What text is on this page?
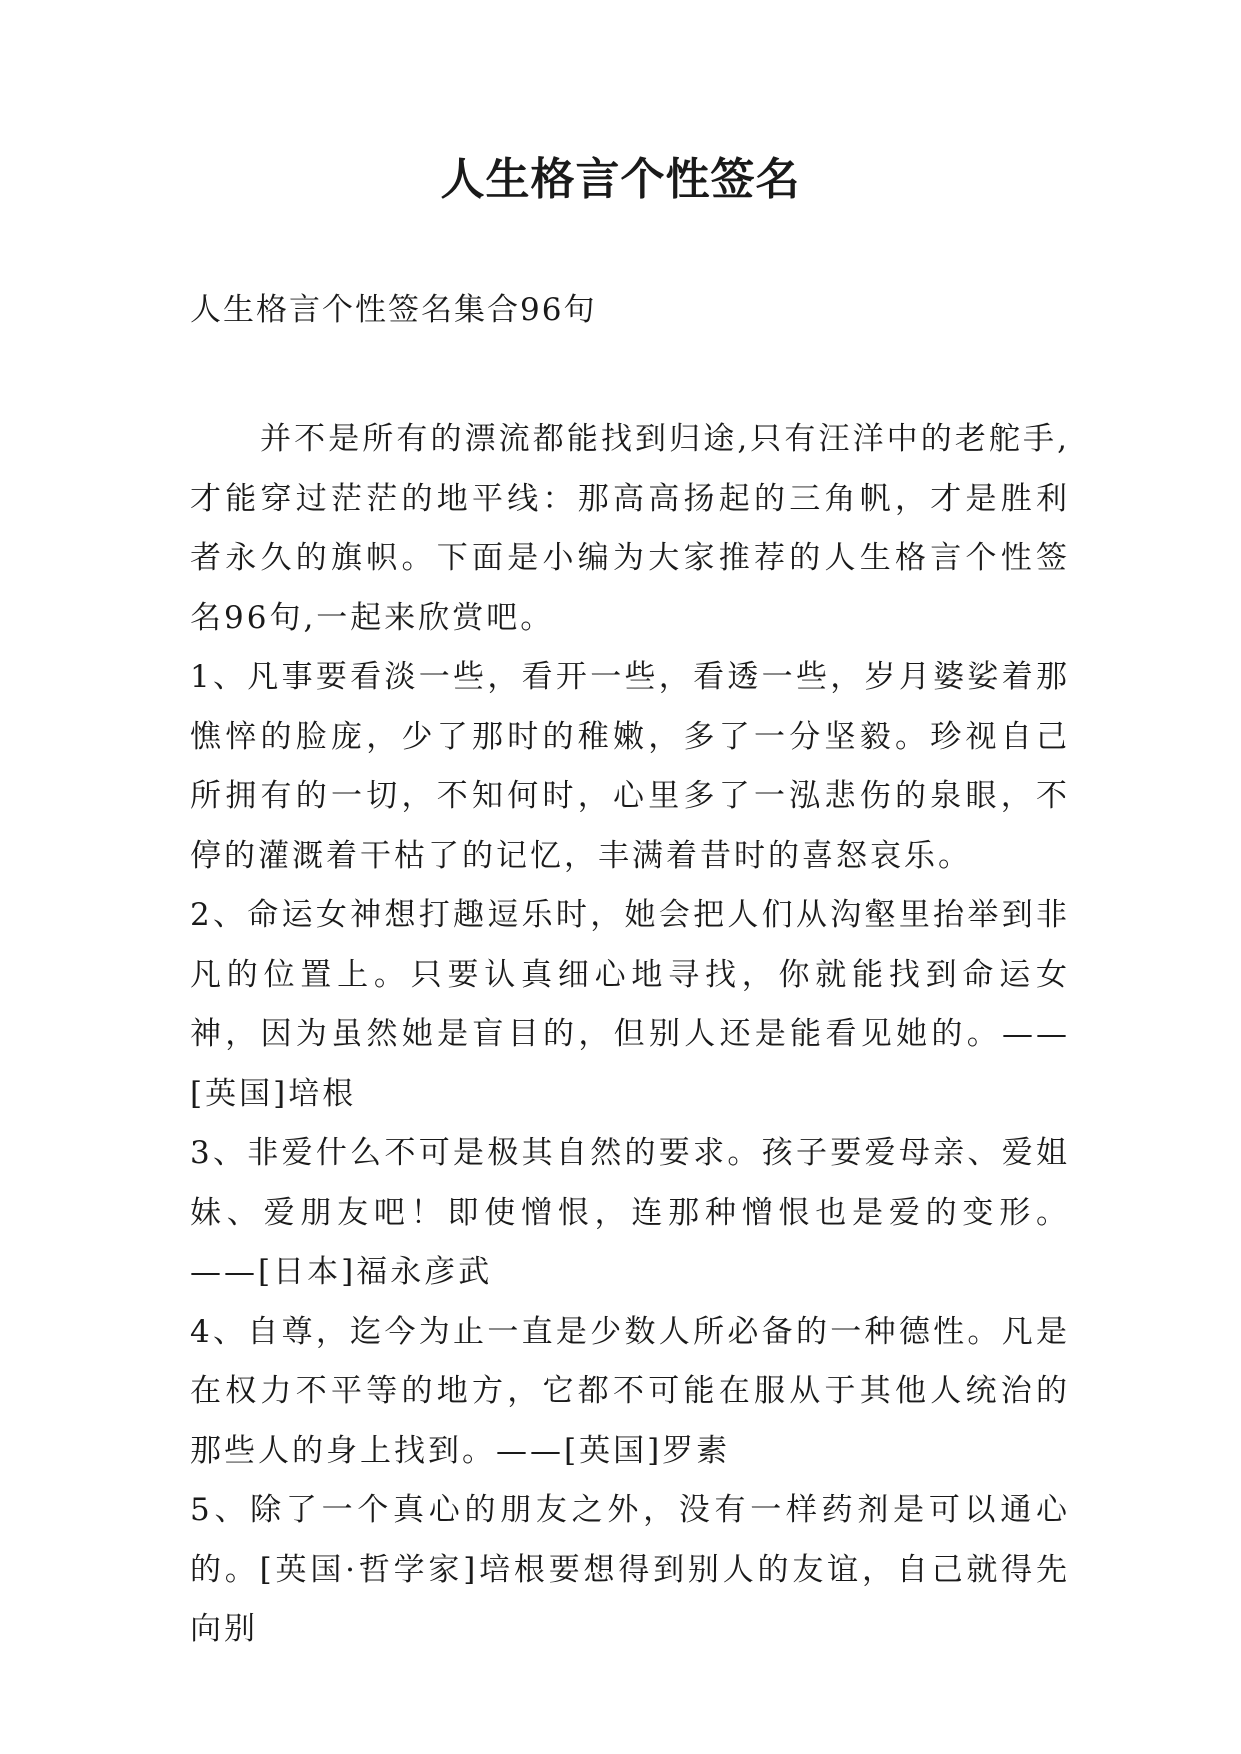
人生格言个性签名

人生格言个性签名集合96句

并不是所有的漂流都能找到归途,只有汪洋中的老舵手,才能穿过茫茫的地平线：那高高扬起的三角帆，才是胜利者永久的旗帜。下面是小编为大家推荐的人生格言个性签名96句,一起来欣赏吧。

1、凡事要看淡一些，看开一些，看透一些，岁月婆娑着那憔悴的脸庞，少了那时的稚嫩，多了一分坚毅。珍视自己所拥有的一切，不知何时，心里多了一泓悲伤的泉眼，不停的灌溉着干枯了的记忆，丰满着昔时的喜怒哀乐。

2、命运女神想打趣逗乐时，她会把人们从沟壑里抬举到非凡的位置上。只要认真细心地寻找，你就能找到命运女神，因为虽然她是盲目的，但别人还是能看见她的。——[英国]培根

3、非爱什么不可是极其自然的要求。孩子要爱母亲、爱姐妹、爱朋友吧！即使憎恨，连那种憎恨也是爱的变形。——[日本]福永彦武

4、自尊，迄今为止一直是少数人所必备的一种德性。凡是在权力不平等的地方，它都不可能在服从于其他人统治的那些人的身上找到。——[英国]罗素

5、除了一个真心的朋友之外，没有一样药剂是可以通心的。[英国·哲学家]培根要想得到别人的友谊，自己就得先向别
